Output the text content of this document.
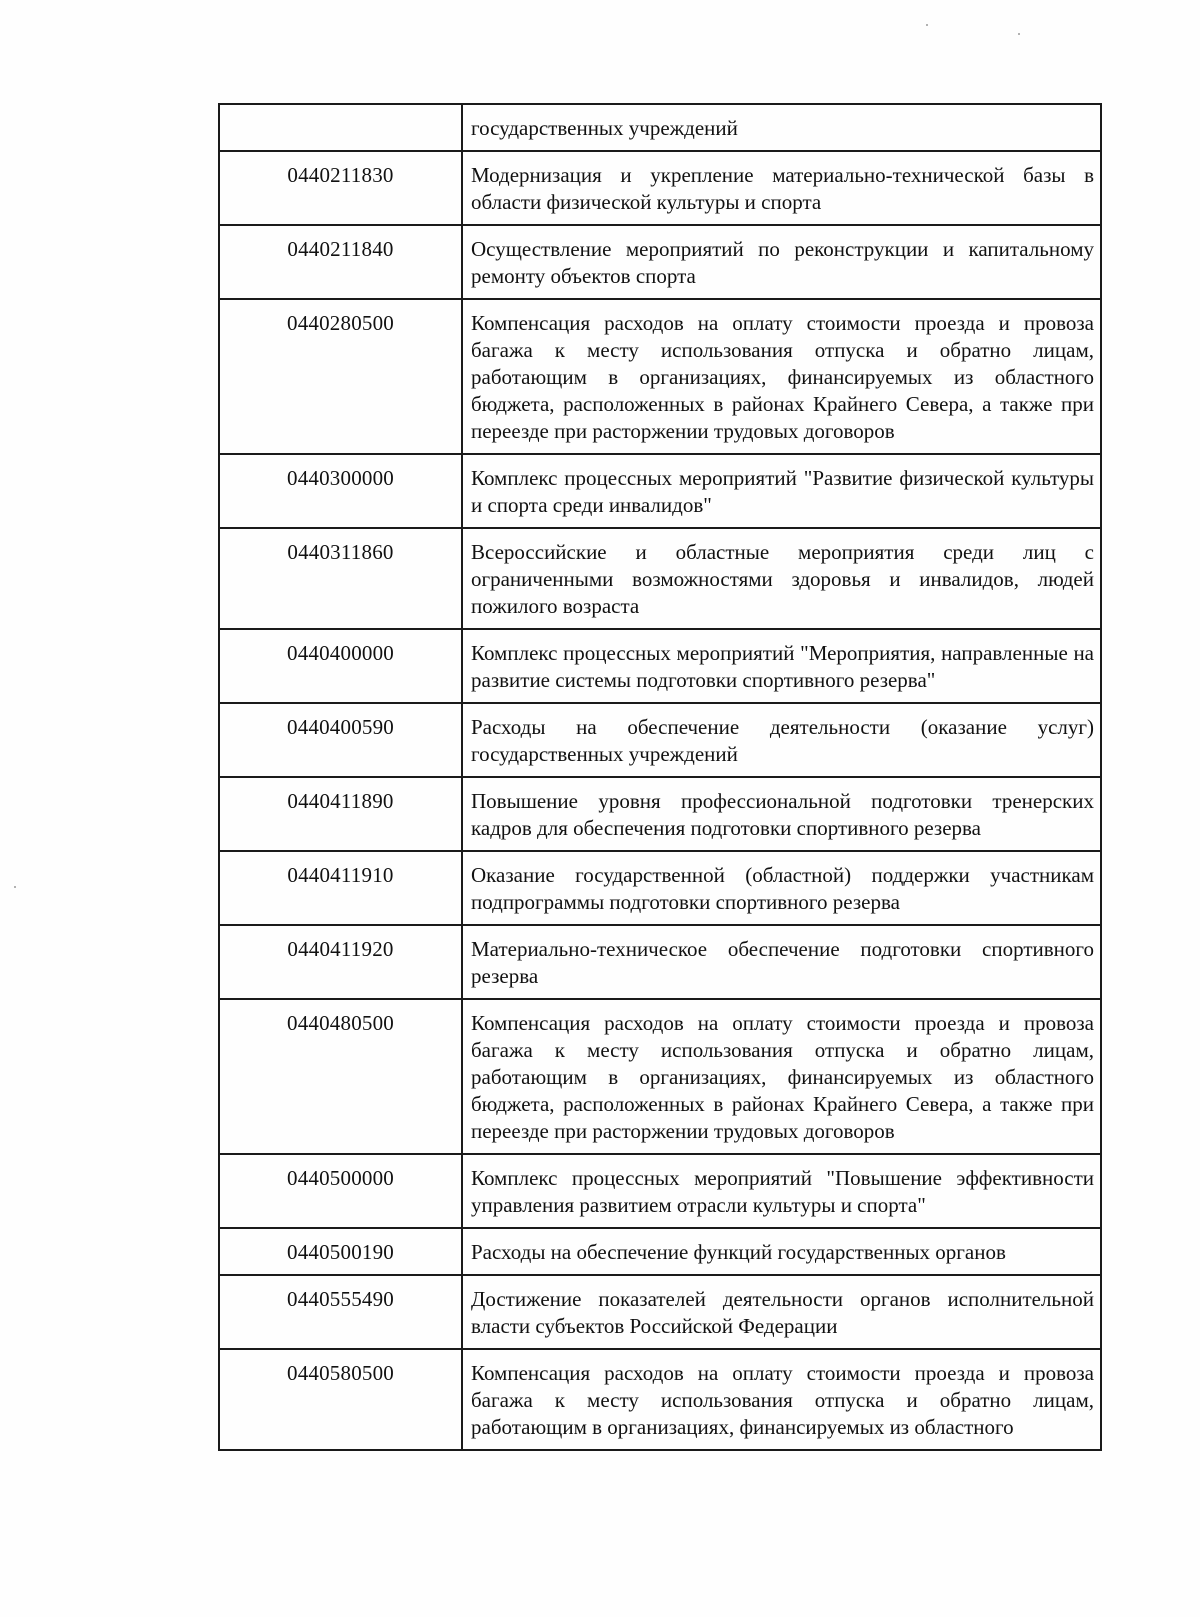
	государственных учреждений
0440211830	Модернизация и укрепление материально-технической базы в области физической культуры и спорта
0440211840	Осуществление мероприятий по реконструкции и капитальному ремонту объектов спорта
0440280500	Компенсация расходов на оплату стоимости проезда и провоза багажа к месту использования отпуска и обратно лицам, работающим в организациях, финансируемых из областного бюджета, расположенных в районах Крайнего Севера, а также при переезде при расторжении трудовых договоров
0440300000	Комплекс процессных мероприятий "Развитие физической культуры и спорта среди инвалидов"
0440311860	Всероссийские и областные мероприятия среди лиц с ограниченными возможностями здоровья и инвалидов, людей пожилого возраста
0440400000	Комплекс процессных мероприятий "Мероприятия, направленные на развитие системы подготовки спортивного резерва"
0440400590	Расходы на обеспечение деятельности (оказание услуг) государственных учреждений
0440411890	Повышение уровня профессиональной подготовки тренерских кадров для обеспечения подготовки спортивного резерва
0440411910	Оказание государственной (областной) поддержки участникам подпрограммы подготовки спортивного резерва
0440411920	Материально-техническое обеспечение подготовки спортивного резерва
0440480500	Компенсация расходов на оплату стоимости проезда и провоза багажа к месту использования отпуска и обратно лицам, работающим в организациях, финансируемых из областного бюджета, расположенных в районах Крайнего Севера, а также при переезде при расторжении трудовых договоров
0440500000	Комплекс процессных мероприятий "Повышение эффективности управления развитием отрасли культуры и спорта"
0440500190	Расходы на обеспечение функций государственных органов
0440555490	Достижение показателей деятельности органов исполнительной власти субъектов Российской Федерации
0440580500	Компенсация расходов на оплату стоимости проезда и провоза багажа к месту использования отпуска и обратно лицам, работающим в организациях, финансируемых из областного
